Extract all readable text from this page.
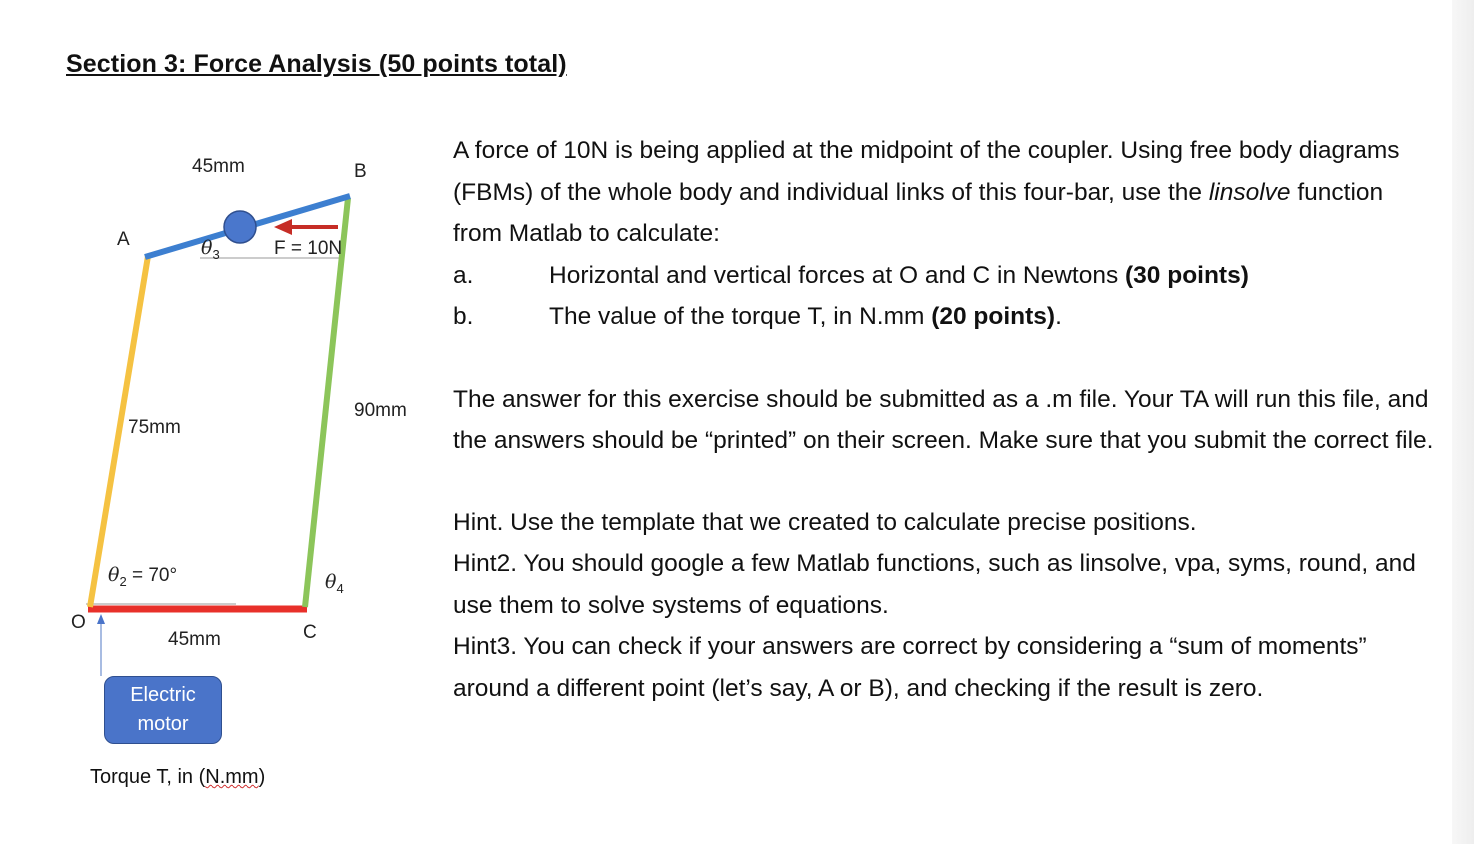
Section 3: Force Analysis (50 points total)
45mm	B
A	$\theta_3$	F = 10N
75mm
90mm
$\theta_2 = 70^\circ$	$\theta_4$
O	C
45mm
Electric
motor
Torque T, in (N.mm)

A force of 10N is being applied at the midpoint of the coupler. Using free body diagrams (FBMs) of the whole body and individual links of this four-bar, use the linsolve function from Matlab to calculate:

a.	Horizontal and vertical forces at O and C in Newtons (30 points)
b.	The value of the torque T, in N.mm (20 points).

The answer for this exercise should be submitted as a .m file. Your TA will run this file, and the answers should be “printed” on their screen. Make sure that you submit the correct file.

Hint. Use the template that we created to calculate precise positions.

Hint2. You should google a few Matlab functions, such as linsolve, vpa, syms, round, and use them to solve systems of equations.

Hint3. You can check if your answers are correct by considering a “sum of moments” around a different point (let’s say, A or B), and checking if the result is zero.
